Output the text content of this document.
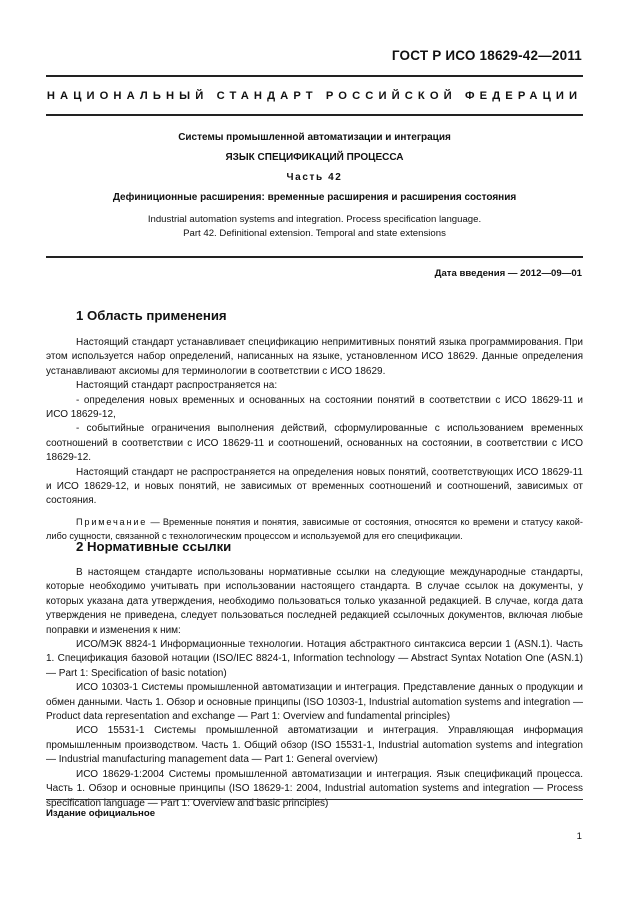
ГОСТ Р ИСО 18629-42—2011
НАЦИОНАЛЬНЫЙ СТАНДАРТ РОССИЙСКОЙ ФЕДЕРАЦИИ
Системы промышленной автоматизации и интеграция
ЯЗЫК СПЕЦИФИКАЦИЙ ПРОЦЕССА
Часть 42
Дефиниционные расширения: временные расширения и расширения состояния
Industrial automation systems and integration. Process specification language.
Part 42. Definitional extension. Temporal and state extensions
Дата введения — 2012—09—01
1 Область применения

Настоящий стандарт устанавливает спецификацию непримитивных понятий языка программирования. При этом используется набор определений, написанных на языке, установленном ИСО 18629. Данные определения устанавливают аксиомы для терминологии в соответствии с ИСО 18629.

Настоящий стандарт распространяется на:

- определения новых временных и основанных на состоянии понятий в соответствии с ИСО 18629-11 и ИСО 18629-12,

- событийные ограничения выполнения действий, сформулированные с использованием временных соотношений в соответствии с ИСО 18629-11 и соотношений, основанных на состоянии, в соответствии с ИСО 18629-12.

Настоящий стандарт не распространяется на определения новых понятий, соответствующих ИСО 18629-11 и ИСО 18629-12, и новых понятий, не зависимых от временных соотношений и соотношений, зависимых от состояния.

Примечание — Временные понятия и понятия, зависимые от состояния, относятся ко времени и статусу какой-либо сущности, связанной с технологическим процессом и используемой для его спецификации.

2 Нормативные ссылки

В настоящем стандарте использованы нормативные ссылки на следующие международные стандарты, которые необходимо учитывать при использовании настоящего стандарта. В случае ссылок на документы, у которых указана дата утверждения, необходимо пользоваться только указанной редакцией. В случае, когда дата утверждения не приведена, следует пользоваться последней редакцией ссылочных документов, включая любые поправки и изменения к ним:

ИСО/МЭК 8824-1 Информационные технологии. Нотация абстрактного синтаксиса версии 1 (ASN.1). Часть 1. Спецификация базовой нотации (ISO/IEC 8824-1, Information technology — Abstract Syntax Notation One (ASN.1) — Part 1: Specification of basic notation)

ИСО 10303-1 Системы промышленной автоматизации и интеграция. Представление данных о продукции и обмен данными. Часть 1. Обзор и основные принципы (ISO 10303-1, Industrial automation systems and integration — Product data representation and exchange — Part 1: Overview and fundamental principles)

ИСО 15531-1 Системы промышленной автоматизации и интеграция. Управляющая информация промышленным производством. Часть 1. Общий обзор (ISO 15531-1, Industrial automation systems and integration — Industrial manufacturing management data — Part 1: General overview)

ИСО 18629-1:2004 Системы промышленной автоматизации и интеграция. Язык спецификаций процесса. Часть 1. Обзор и основные принципы (ISO 18629-1: 2004, Industrial automation systems and integration — Process specification language — Part 1: Overview and basic principles)

Издание официальное
1
